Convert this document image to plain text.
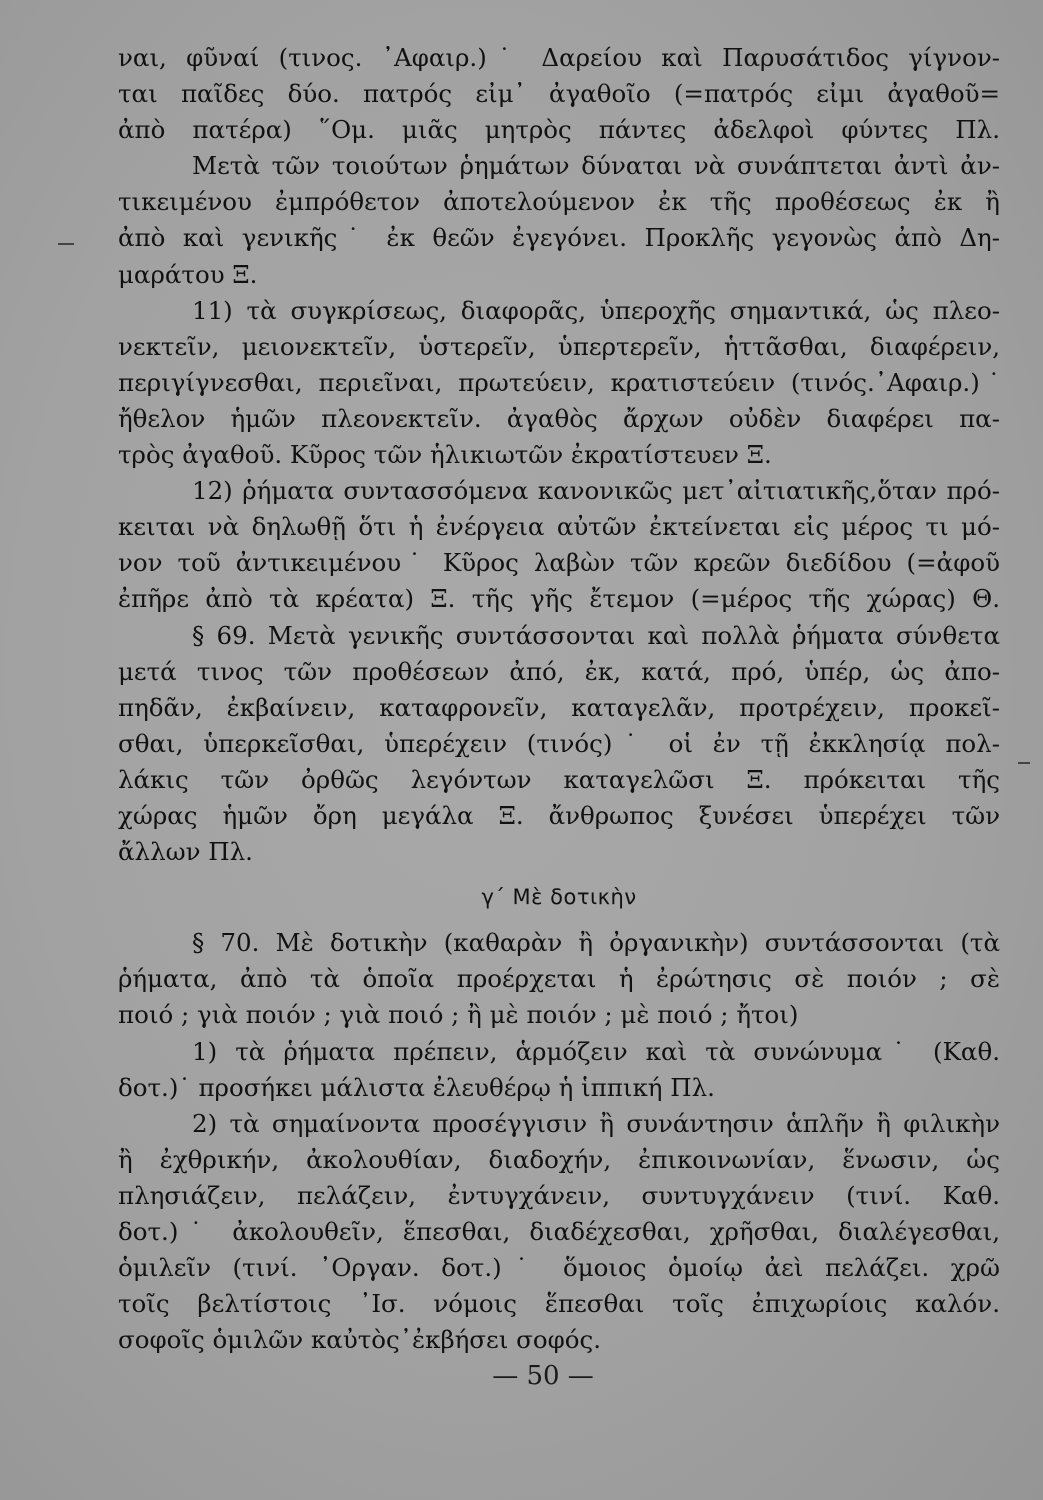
ναι, φῦναί (τινος. ᾽Αφαιρ.)˙ Δαρείου καὶ Παρυσάτιδος γίγνον-
ται παῖδες δύο. πατρός εἰμ᾽ ἀγαθοῖο (=πατρός εἰμι ἀγαθοῦ=
ἀπὸ πατέρα) ῞Ομ. μιᾶς μητρὸς πάντες ἀδελφοὶ φύντες Πλ.
Μετὰ τῶν τοιούτων ῥημάτων δύναται νὰ συνάπτεται ἀντὶ ἀν-
τικειμένου ἐμπρόθετον ἀποτελούμενον ἐκ τῆς προθέσεως ἐκ ἢ
ἀπὸ καὶ γενικῆς˙ ἐκ θεῶν ἐγεγόνει. Προκλῆς γεγονὼς ἀπὸ Δη-
μαράτου Ξ.
11) τὰ συγκρίσεως, διαφορᾶς, ὑπεροχῆς σημαντικά, ὡς πλεο-
νεκτεῖν, μειονεκτεῖν, ὑστερεῖν, ὑπερτερεῖν, ἡττᾶσθαι, διαφέρειν,
περιγίγνεσθαι, περιεῖναι, πρωτεύειν, κρατιστεύειν (τινός.᾽Αφαιρ.)˙
ἤθελον ἡμῶν πλεονεκτεῖν. ἀγαθὸς ἄρχων οὐδὲν διαφέρει πα-
τρὸς ἀγαθοῦ. Κῦρος τῶν ἡλικιωτῶν ἐκρατίστευεν Ξ.
12) ῥήματα συντασσόμενα κανονικῶς μετ᾽αἰτιατικῆς,ὅταν πρό-
κειται νὰ δηλωθῇ ὅτι ἡ ἐνέργεια αὐτῶν ἐκτείνεται εἰς μέρος τι μό-
νον τοῦ ἀντικειμένου˙ Κῦρος λαβὼν τῶν κρεῶν διεδίδου (=ἀφοῦ
ἐπῆρε ἀπὸ τὰ κρέατα) Ξ. τῆς γῆς ἔτεμον (=μέρος τῆς χώρας) Θ.
§ 69. Μετὰ γενικῆς συντάσσονται καὶ πολλὰ ῥήματα σύνθετα
μετά τινος τῶν προθέσεων ἀπό, ἐκ, κατά, πρό, ὑπέρ, ὡς ἀπο-
πηδᾶν, ἐκβαίνειν, καταφρονεῖν, καταγελᾶν, προτρέχειν, προκεῖ-
σθαι, ὑπερκεῖσθαι, ὑπερέχειν (τινός)˙ οἱ ἐν τῇ ἐκκλησίᾳ πολ-
λάκις τῶν ὀρθῶς λεγόντων καταγελῶσι Ξ. πρόκειται τῆς
χώρας ἡμῶν ὄρη μεγάλα Ξ. ἄνθρωπος ξυνέσει ὑπερέχει τῶν
ἄλλων Πλ.
γ´ Μὲ δοτικὴν
§ 70. Μὲ δοτικὴν (καθαρὰν ἢ ὀργανικὴν) συντάσσονται (τὰ
ῥήματα, ἀπὸ τὰ ὁποῖα προέρχεται ἡ ἐρώτησις σὲ ποιόν ; σὲ
ποιό ; γιὰ ποιόν ; γιὰ ποιό ; ἢ μὲ ποιόν ; μὲ ποιό ; ἤτοι)
1) τὰ ῥήματα πρέπειν, ἁρμόζειν καὶ τὰ συνώνυμα˙ (Καθ.
δοτ.)˙ προσήκει μάλιστα ἐλευθέρῳ ἡ ἱππική Πλ.
2) τὰ σημαίνοντα προσέγγισιν ἢ συνάντησιν ἁπλῆν ἢ φιλικὴν
ἢ ἐχθρικήν, ἀκολουθίαν, διαδοχήν, ἐπικοινωνίαν, ἕνωσιν, ὡς
πλησιάζειν, πελάζειν, ἐντυγχάνειν, συντυγχάνειν (τινί. Καθ.
δοτ.)˙ ἀκολουθεῖν, ἕπεσθαι, διαδέχεσθαι, χρῆσθαι, διαλέγεσθαι,
ὁμιλεῖν (τινί. ᾽Οργαν. δοτ.)˙ ὅμοιος ὁμοίῳ ἀεὶ πελάζει. χρῶ
τοῖς βελτίστοις ᾽Ισ. νόμοις ἕπεσθαι τοῖς ἐπιχωρίοις καλόν.
σοφοῖς ὁμιλῶν καὐτὸς᾽ἐκβήσει σοφός.
— 50 —
